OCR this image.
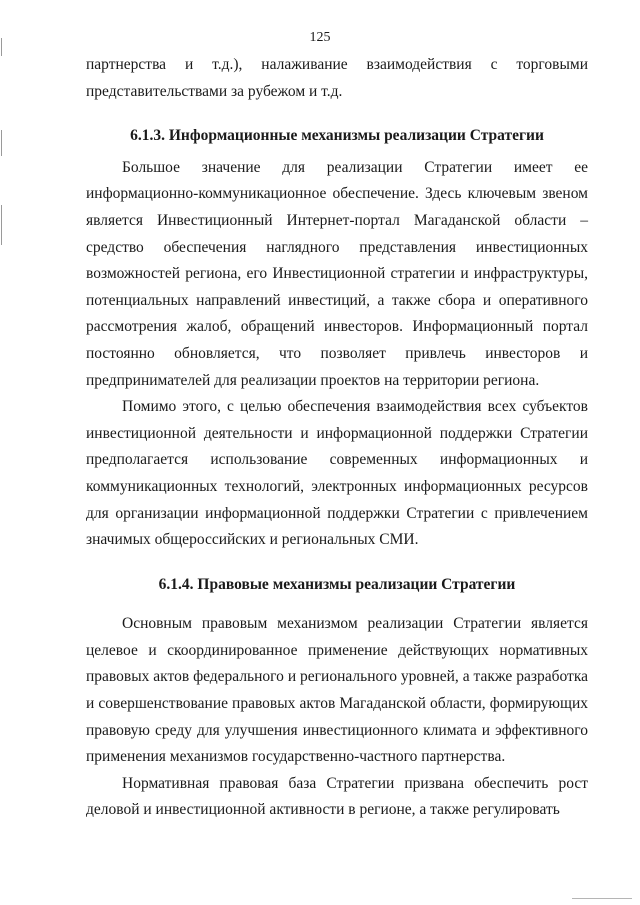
125

партнерства и т.д.), налаживание взаимодействия с торговыми представительствами за рубежом и т.д.

6.1.3. Информационные механизмы реализации Стратегии

Большое значение для реализации Стратегии имеет ее информационно-коммуникационное обеспечение. Здесь ключевым звеном является Инвестиционный Интернет-портал Магаданской области – средство обеспечения наглядного представления инвестиционных возможностей региона, его Инвестиционной стратегии и инфраструктуры, потенциальных направлений инвестиций, а также сбора и оперативного рассмотрения жалоб, обращений инвесторов. Информационный портал постоянно обновляется, что позволяет привлечь инвесторов и предпринимателей для реализации проектов на территории региона.

Помимо этого, с целью обеспечения взаимодействия всех субъектов инвестиционной деятельности и информационной поддержки Стратегии предполагается использование современных информационных и коммуникационных технологий, электронных информационных ресурсов для организации информационной поддержки Стратегии с привлечением значимых общероссийских и региональных СМИ.

6.1.4. Правовые механизмы реализации Стратегии

Основным правовым механизмом реализации Стратегии является целевое и скоординированное применение действующих нормативных правовых актов федерального и регионального уровней, а также разработка и совершенствование правовых актов Магаданской области, формирующих правовую среду для улучшения инвестиционного климата и эффективного применения механизмов государственно-частного партнерства.

Нормативная правовая база Стратегии призвана обеспечить рост деловой и инвестиционной активности в регионе, а также регулировать
